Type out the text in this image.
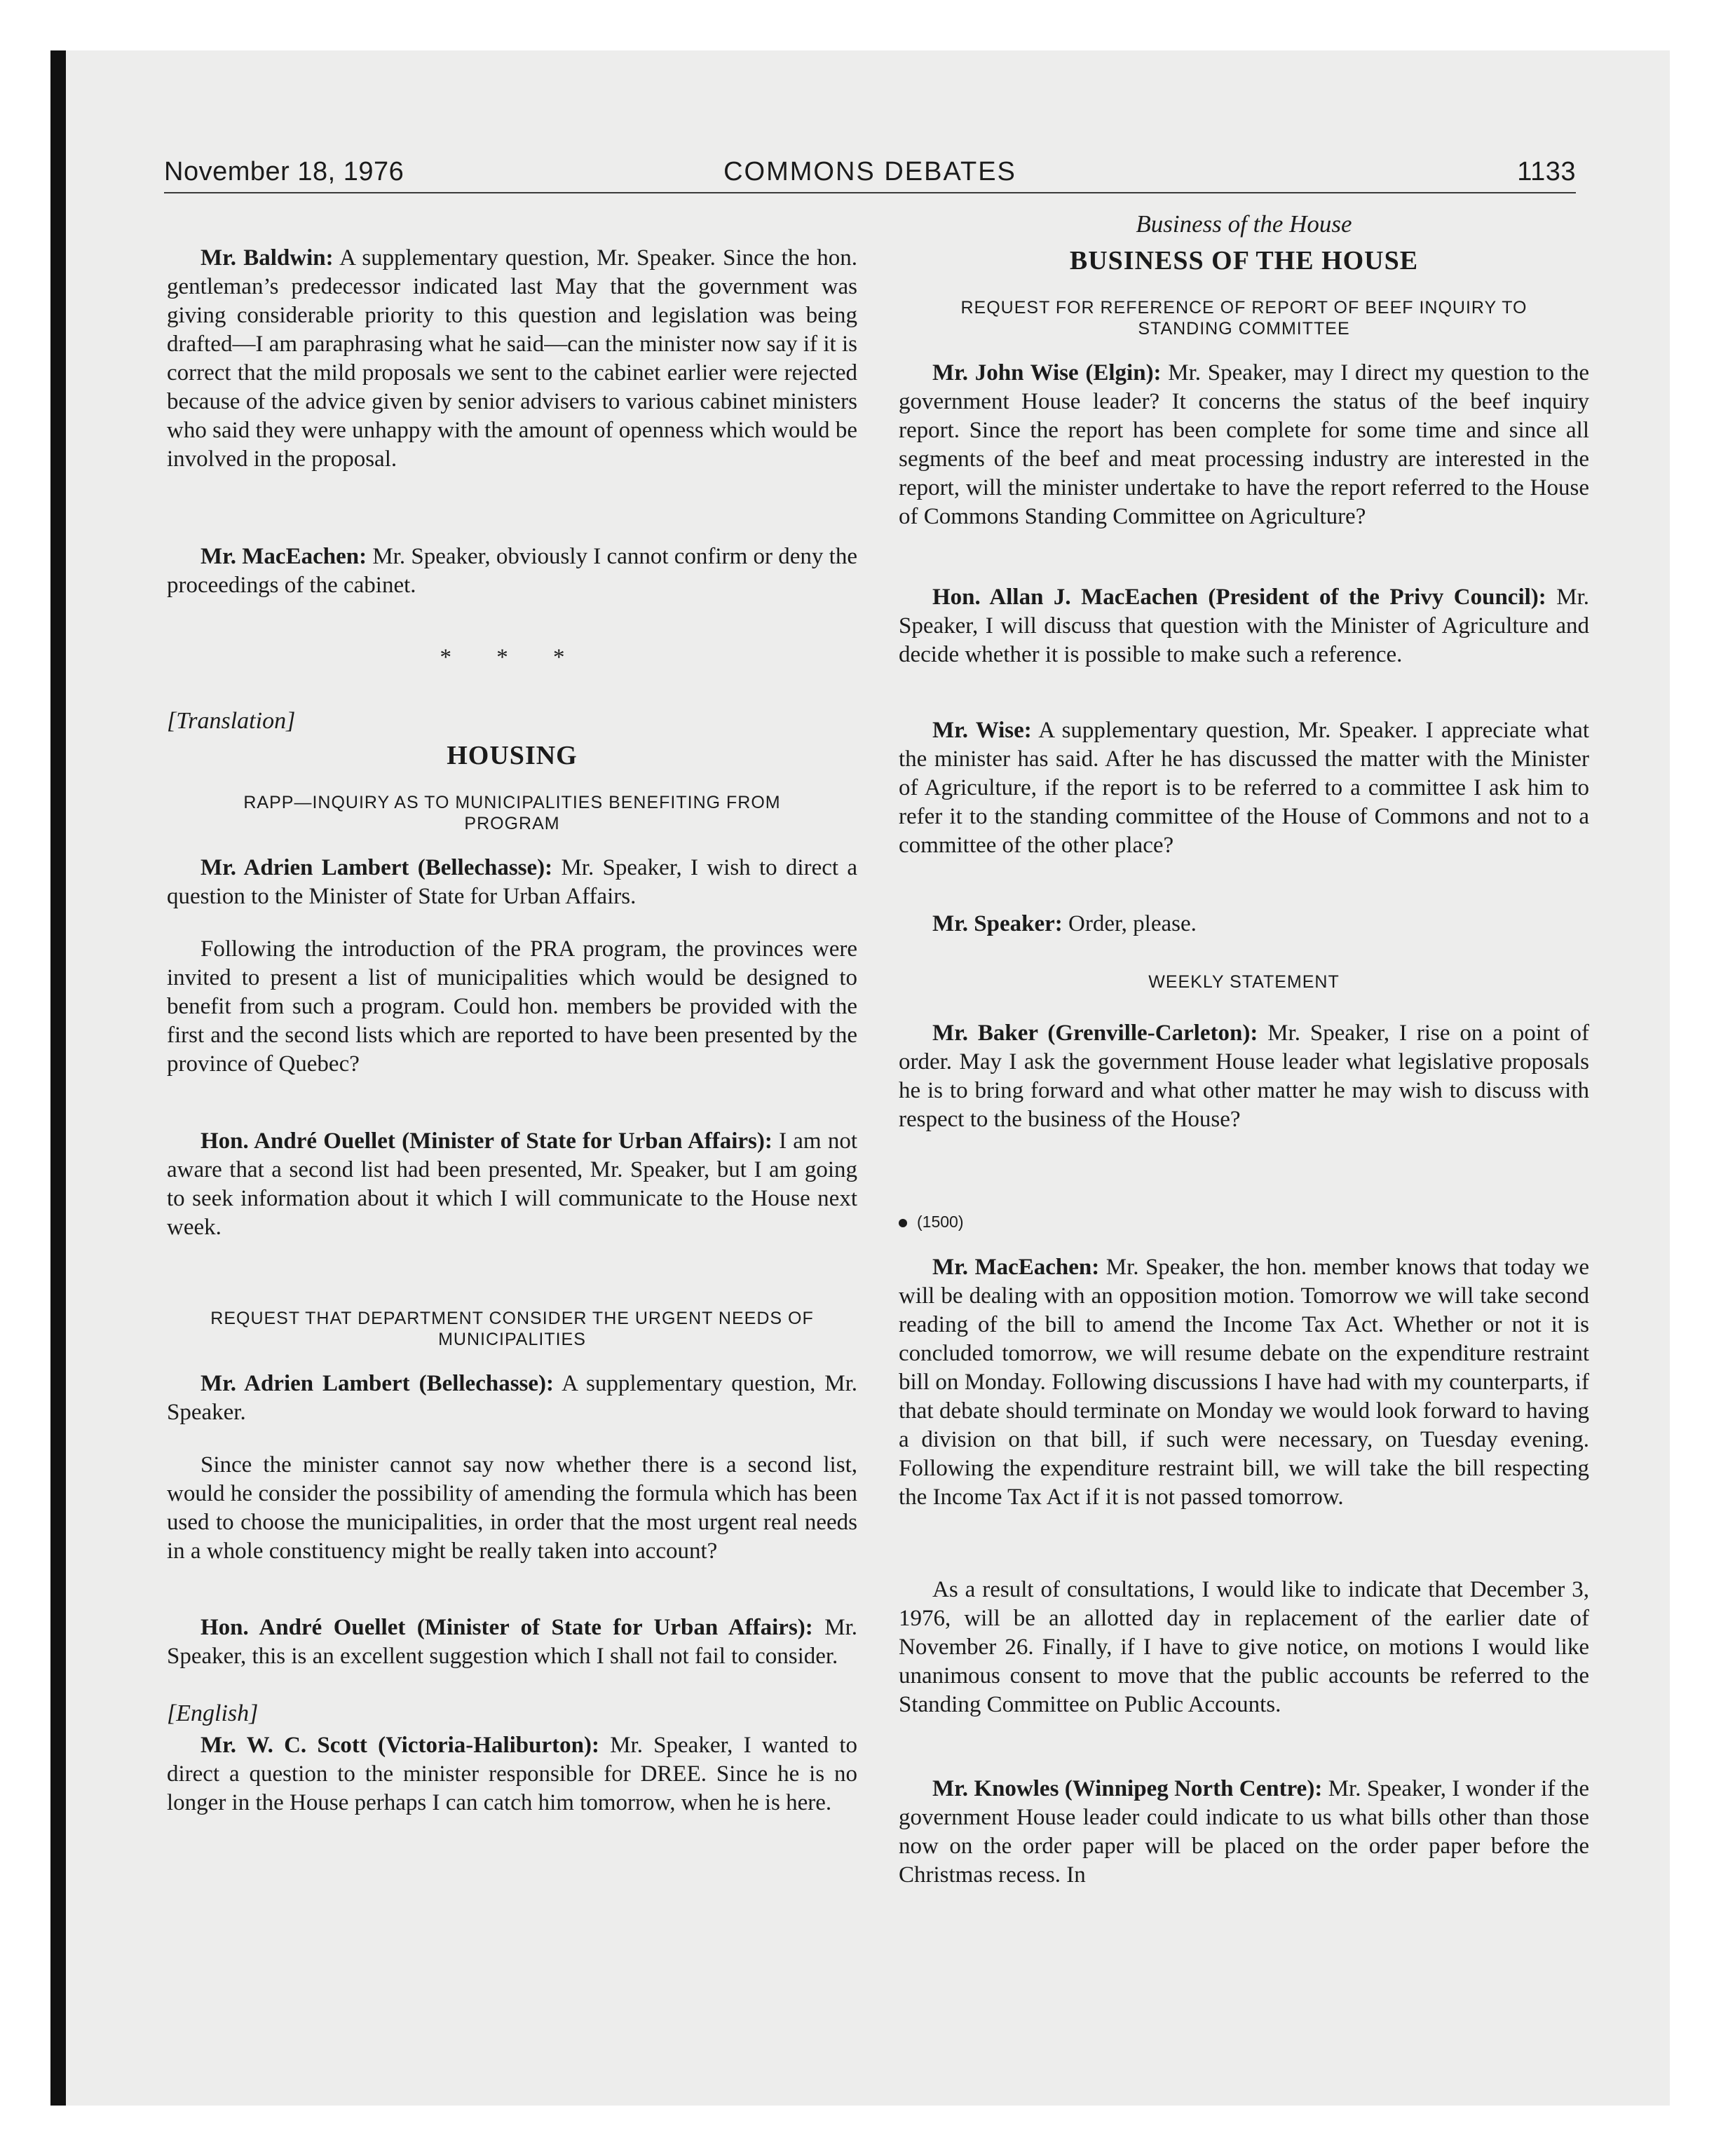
November 18, 1976	COMMONS DEBATES	1133

Mr. Baldwin: A supplementary question, Mr. Speaker. Since the hon. gentleman’s predecessor indicated last May that the government was giving considerable priority to this question and legislation was being drafted—I am paraphrasing what he said—can the minister now say if it is correct that the mild proposals we sent to the cabinet earlier were rejected because of the advice given by senior advisers to various cabinet ministers who said they were unhappy with the amount of openness which would be involved in the proposal.

Mr. MacEachen: Mr. Speaker, obviously I cannot confirm or deny the proceedings of the cabinet.

* * *

[Translation]

HOUSING

RAPP—INQUIRY AS TO MUNICIPALITIES BENEFITING FROM PROGRAM

Mr. Adrien Lambert (Bellechasse): Mr. Speaker, I wish to direct a question to the Minister of State for Urban Affairs.

Following the introduction of the PRA program, the provinces were invited to present a list of municipalities which would be designed to benefit from such a program. Could hon. members be provided with the first and the second lists which are reported to have been presented by the province of Quebec?

Hon. André Ouellet (Minister of State for Urban Affairs): I am not aware that a second list had been presented, Mr. Speaker, but I am going to seek information about it which I will communicate to the House next week.

REQUEST THAT DEPARTMENT CONSIDER THE URGENT NEEDS OF MUNICIPALITIES

Mr. Adrien Lambert (Bellechasse): A supplementary question, Mr. Speaker.

Since the minister cannot say now whether there is a second list, would he consider the possibility of amending the formula which has been used to choose the municipalities, in order that the most urgent real needs in a whole constituency might be really taken into account?

Hon. André Ouellet (Minister of State for Urban Affairs): Mr. Speaker, this is an excellent suggestion which I shall not fail to consider.

[English]

Mr. W. C. Scott (Victoria-Haliburton): Mr. Speaker, I wanted to direct a question to the minister responsible for DREE. Since he is no longer in the House perhaps I can catch him tomorrow, when he is here.

Business of the House

BUSINESS OF THE HOUSE

REQUEST FOR REFERENCE OF REPORT OF BEEF INQUIRY TO STANDING COMMITTEE

Mr. John Wise (Elgin): Mr. Speaker, may I direct my question to the government House leader? It concerns the status of the beef inquiry report. Since the report has been complete for some time and since all segments of the beef and meat processing industry are interested in the report, will the minister undertake to have the report referred to the House of Commons Standing Committee on Agriculture?

Hon. Allan J. MacEachen (President of the Privy Council): Mr. Speaker, I will discuss that question with the Minister of Agriculture and decide whether it is possible to make such a reference.

Mr. Wise: A supplementary question, Mr. Speaker. I appreciate what the minister has said. After he has discussed the matter with the Minister of Agriculture, if the report is to be referred to a committee I ask him to refer it to the standing committee of the House of Commons and not to a committee of the other place?

Mr. Speaker: Order, please.

WEEKLY STATEMENT

Mr. Baker (Grenville-Carleton): Mr. Speaker, I rise on a point of order. May I ask the government House leader what legislative proposals he is to bring forward and what other matter he may wish to discuss with respect to the business of the House?

(1500)

Mr. MacEachen: Mr. Speaker, the hon. member knows that today we will be dealing with an opposition motion. Tomorrow we will take second reading of the bill to amend the Income Tax Act. Whether or not it is concluded tomorrow, we will resume debate on the expenditure restraint bill on Monday. Following discussions I have had with my counterparts, if that debate should terminate on Monday we would look forward to having a division on that bill, if such were necessary, on Tuesday evening. Following the expenditure restraint bill, we will take the bill respecting the Income Tax Act if it is not passed tomorrow.

As a result of consultations, I would like to indicate that December 3, 1976, will be an allotted day in replacement of the earlier date of November 26. Finally, if I have to give notice, on motions I would like unanimous consent to move that the public accounts be referred to the Standing Committee on Public Accounts.

Mr. Knowles (Winnipeg North Centre): Mr. Speaker, I wonder if the government House leader could indicate to us what bills other than those now on the order paper will be placed on the order paper before the Christmas recess. In
